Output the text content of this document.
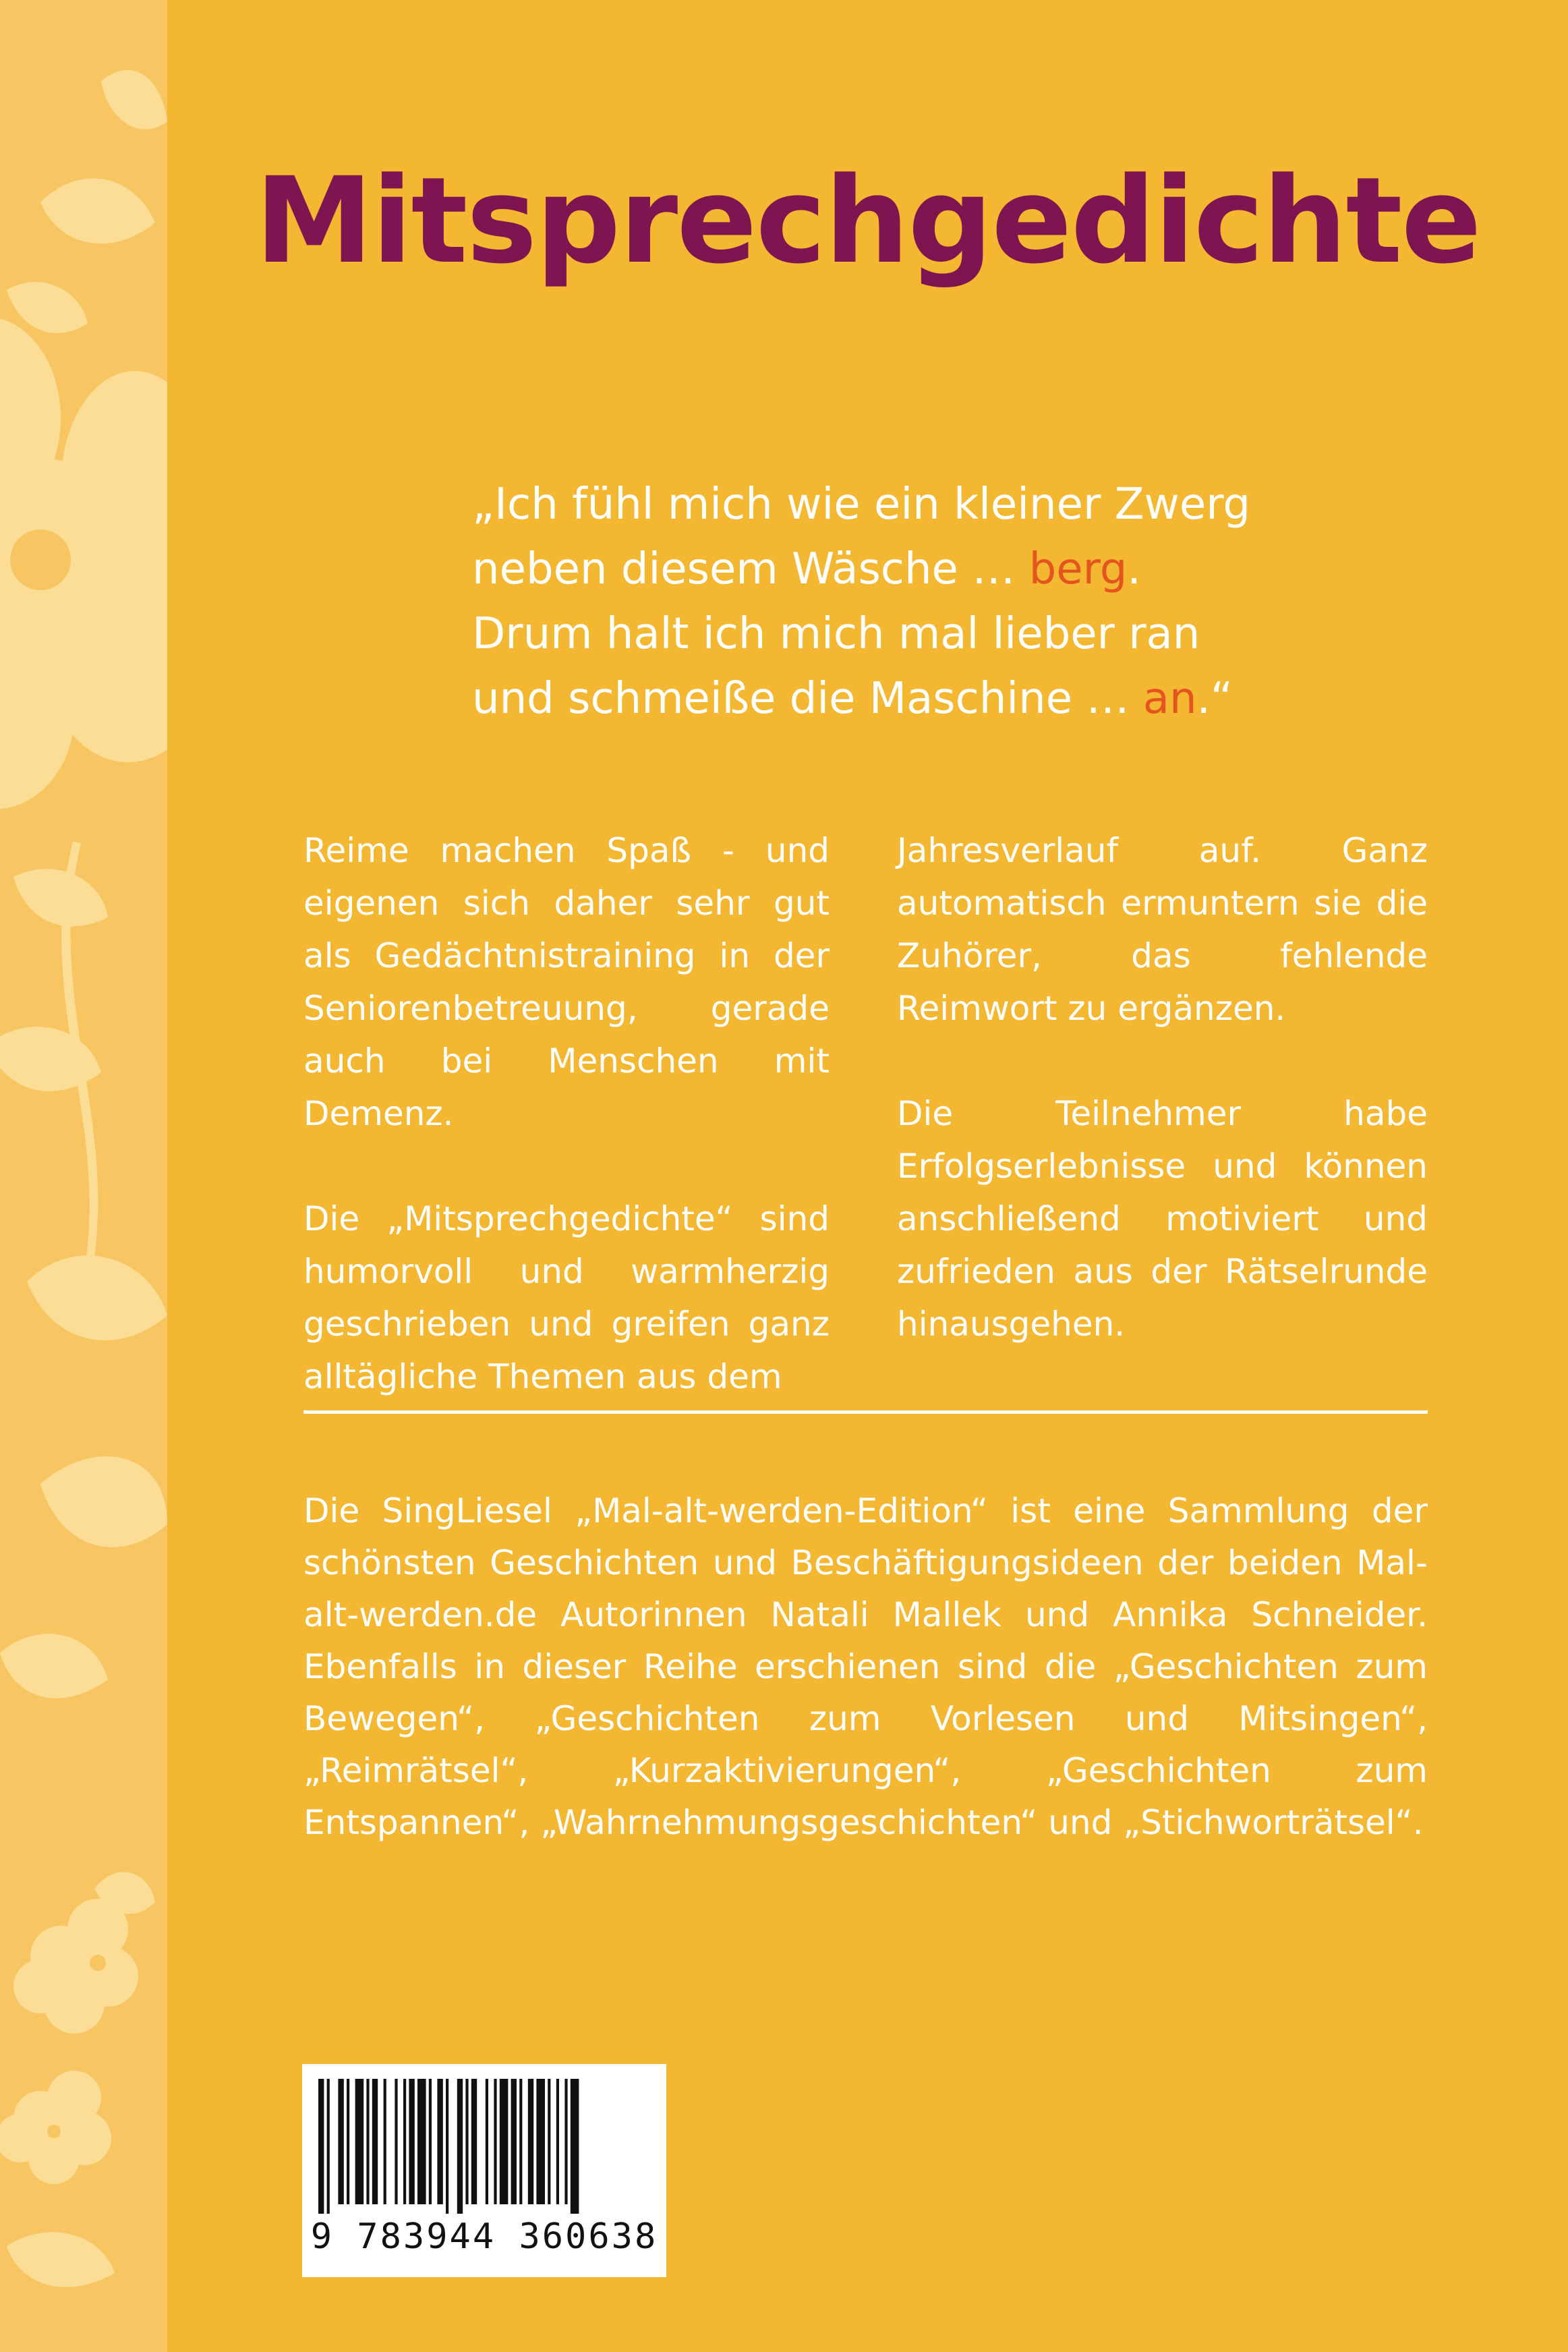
Mitsprechgedichte
„Ich fühl mich wie ein kleiner Zwerg
neben diesem Wäsche … berg.
Drum halt ich mich mal lieber ran
und schmeiße die Maschine … an.“

Reime machen Spaß - und eigenen sich daher sehr gut als Gedächtnistraining in der Seniorenbetreuung, gerade auch bei Menschen mit Demenz.

Die „Mitsprechgedichte“ sind humorvoll und warmherzig geschrieben und greifen ganz alltägliche Themen aus dem

Jahresverlauf auf. Ganz automatisch ermuntern sie die Zuhörer, das fehlende Reimwort zu ergänzen.

Die Teilnehmer habe Erfolgserlebnisse und können anschließend motiviert und zufrieden aus der Rätselrunde hinausgehen.

Die SingLiesel „Mal-alt-werden-Edition“ ist eine Sammlung der schönsten Geschichten und Beschäftigungsideen der beiden Mal-alt-werden.de Autorinnen Natali Mallek und Annika Schneider. Ebenfalls in dieser Reihe erschienen sind die „Geschichten zum Bewegen“, „Geschichten zum Vorlesen und Mitsingen“, „Reimrätsel“, „Kurzaktivierungen“, „Geschichten zum Entspannen“, „Wahrnehmungsgeschichten“ und „Stichworträtsel“.

9 783944 360638
